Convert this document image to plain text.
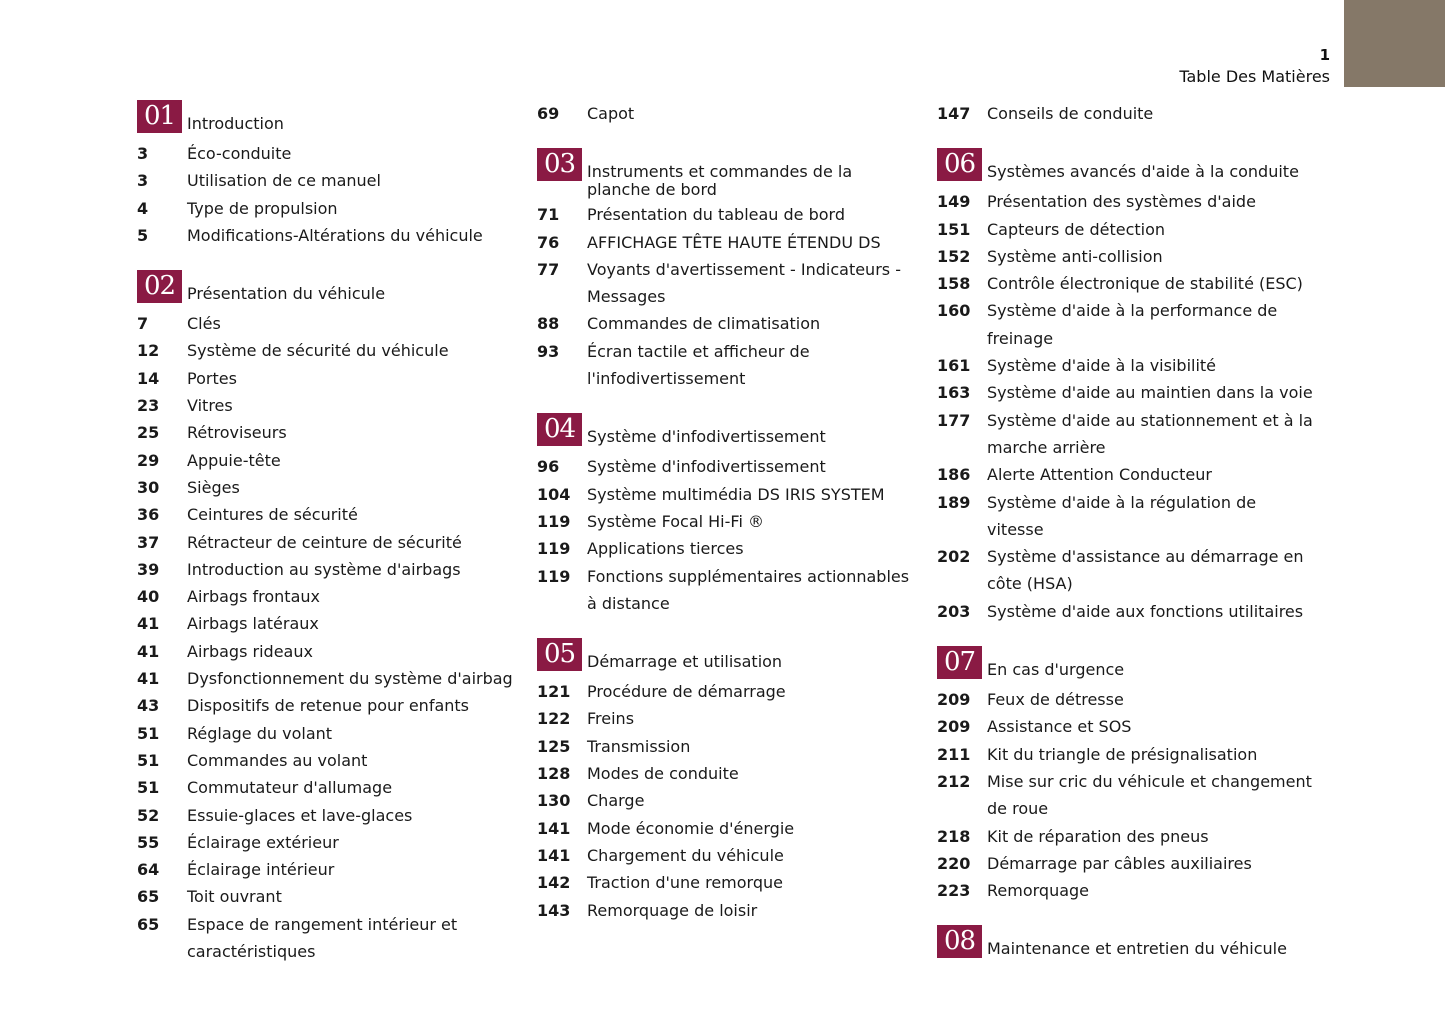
1
Table Des Matières
01 Introduction
3	Éco-conduite
3	Utilisation de ce manuel
4	Type de propulsion
5	Modifications-Altérations du véhicule
02 Présentation du véhicule
7	Clés
12	Système de sécurité du véhicule
14	Portes
23	Vitres
25	Rétroviseurs
29	Appuie-tête
30	Sièges
36	Ceintures de sécurité
37	Rétracteur de ceinture de sécurité
39	Introduction au système d'airbags
40	Airbags frontaux
41	Airbags latéraux
41	Airbags rideaux
41	Dysfonctionnement du système d'airbag
43	Dispositifs de retenue pour enfants
51	Réglage du volant
51	Commandes au volant
51	Commutateur d'allumage
52	Essuie-glaces et lave-glaces
55	Éclairage extérieur
64	Éclairage intérieur
65	Toit ouvrant
65	Espace de rangement intérieur et caractéristiques
69	Capot
03 Instruments et commandes de la planche de bord
71	Présentation du tableau de bord
76	AFFICHAGE TÊTE HAUTE ÉTENDU DS
77	Voyants d'avertissement - Indicateurs - Messages
88	Commandes de climatisation
93	Écran tactile et afficheur de l'infodivertissement
04 Système d'infodivertissement
96	Système d'infodivertissement
104	Système multimédia DS IRIS SYSTEM
119	Système Focal Hi-Fi ®
119	Applications tierces
119	Fonctions supplémentaires actionnables à distance
05 Démarrage et utilisation
121	Procédure de démarrage
122	Freins
125	Transmission
128	Modes de conduite
130	Charge
141	Mode économie d'énergie
141	Chargement du véhicule
142	Traction d'une remorque
143	Remorquage de loisir
147	Conseils de conduite
06 Systèmes avancés d'aide à la conduite
149	Présentation des systèmes d'aide
151	Capteurs de détection
152	Système anti-collision
158	Contrôle électronique de stabilité (ESC)
160	Système d'aide à la performance de freinage
161	Système d'aide à la visibilité
163	Système d'aide au maintien dans la voie
177	Système d'aide au stationnement et à la marche arrière
186	Alerte Attention Conducteur
189	Système d'aide à la régulation de vitesse
202	Système d'assistance au démarrage en côte (HSA)
203	Système d'aide aux fonctions utilitaires
07 En cas d'urgence
209	Feux de détresse
209	Assistance et SOS
211	Kit du triangle de présignalisation
212	Mise sur cric du véhicule et changement de roue
218	Kit de réparation des pneus
220	Démarrage par câbles auxiliaires
223	Remorquage
08 Maintenance et entretien du véhicule
